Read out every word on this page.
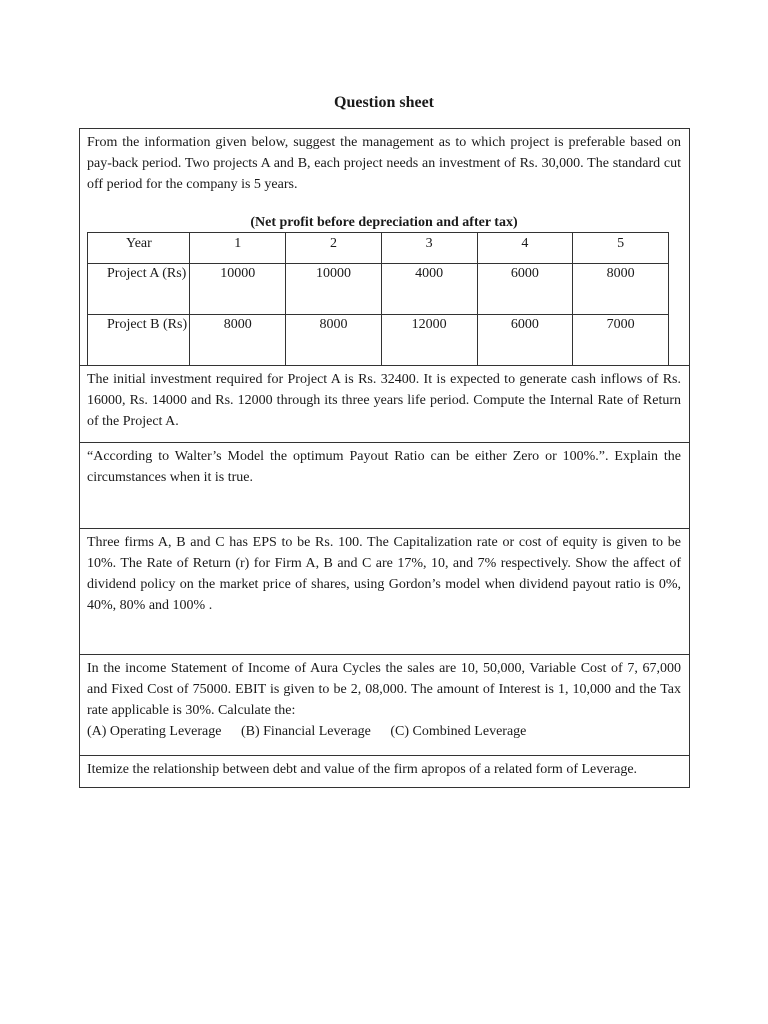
Question sheet

From the information given below, suggest the management as to which project is preferable based on pay-back period. Two projects A and B, each project needs an investment of Rs. 30,000. The standard cut off period for the company is 5 years.

(Net profit before depreciation and after tax)
Year	1	2	3	4	5
Project A (Rs)	10000	10000	4000	6000	8000
Project B (Rs)	8000	8000	12000	6000	7000

The initial investment required for Project A is Rs. 32400. It is expected to generate cash inflows of Rs. 16000, Rs. 14000 and Rs. 12000 through its three years life period. Compute the Internal Rate of Return of the Project A.

“According to Walter’s Model the optimum Payout Ratio can be either Zero or 100%.”. Explain the circumstances when it is true.

Three firms A, B and C has EPS to be Rs. 100. The Capitalization rate or cost of equity is given to be 10%. The Rate of Return (r) for Firm A, B and C are 17%, 10, and 7% respectively. Show the affect of dividend policy on the market price of shares, using Gordon’s model when dividend payout ratio is 0%, 40%, 80% and 100% .

In the income Statement of Income of Aura Cycles the sales are 10, 50,000, Variable Cost of 7, 67,000 and Fixed Cost of 75000. EBIT is given to be 2, 08,000. The amount of Interest is 1, 10,000 and the Tax rate applicable is 30%. Calculate the:

(A) Operating Leverage (B) Financial Leverage (C) Combined Leverage

Itemize the relationship between debt and value of the firm apropos of a related form of Leverage.
